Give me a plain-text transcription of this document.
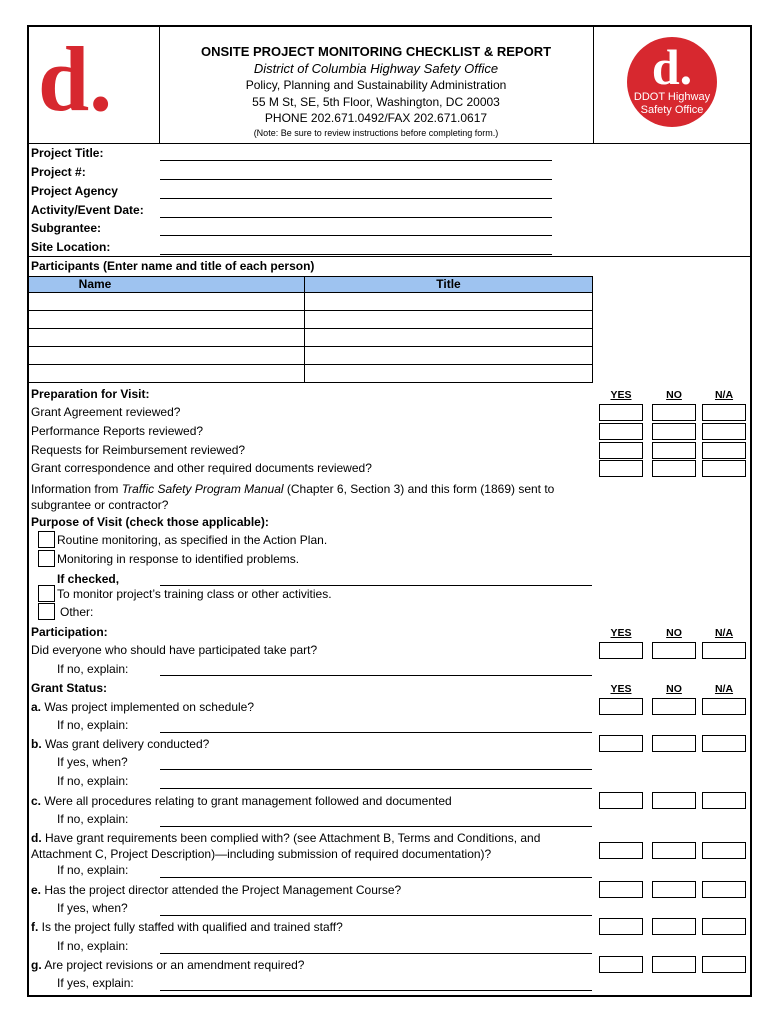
d.	d.
DDOT Highway
Safety Office
ONSITE PROJECT MONITORING CHECKLIST & REPORT
District of Columbia Highway Safety Office
Policy, Planning and Sustainability Administration
55 M St, SE, 5th Floor, Washington, DC 20003
PHONE 202.671.0492/FAX 202.671.0617
(Note: Be sure to review instructions before completing form.)
Project Title:
Project #:
Project Agency
Activity/Event Date:
Subgrantee:
Site Location:
Participants (Enter name and title of each person)
Name	Title
Preparation for Visit:	YES	NO	N/A
Grant Agreement reviewed?
Performance Reports reviewed?
Requests for Reimbursement reviewed?
Grant correspondence and other required documents reviewed?
Information from Traffic Safety Program Manual (Chapter 6, Section 3) and this form (1869) sent to
subgrantee or contractor?
Purpose of Visit (check those applicable):
Routine monitoring, as specified in the Action Plan.
Monitoring in response to identified problems.
If checked,
To monitor project’s training class or other activities.
Other:
Participation:	YES	NO	N/A
Did everyone who should have participated take part?
If no, explain:
Grant Status:	YES	NO	N/A
a. Was project implemented on schedule?
If no, explain:
b. Was grant delivery conducted?
If yes, when?
If no, explain:
c. Were all procedures relating to grant management followed and documented
If no, explain:
d. Have grant requirements been complied with? (see Attachment B, Terms and Conditions, and
Attachment C, Project Description)—including submission of required documentation)?
If no, explain:
e. Has the project director attended the Project Management Course?
If yes, when?
f. Is the project fully staffed with qualified and trained staff?
If no, explain:
g. Are project revisions or an amendment required?
If yes, explain:
